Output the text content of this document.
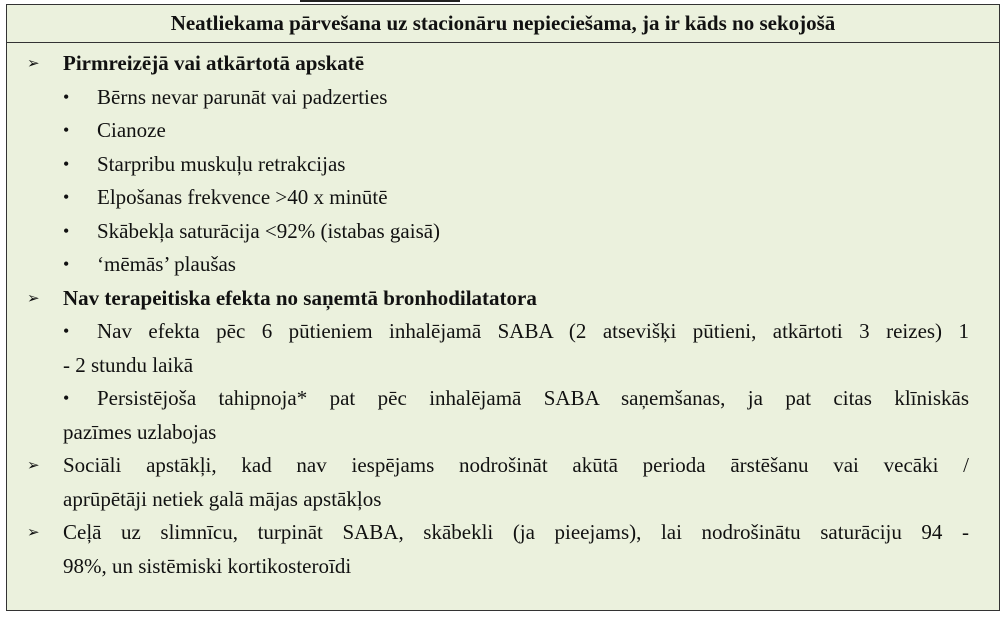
Neatliekama pārvešana uz stacionāru nepieciešama, ja ir kāds no sekojošā
➢	Pirmreizējā vai atkārtotā apskatē
•	Bērns nevar parunāt vai padzerties
•	Cianoze
•	Starpribu muskuļu retrakcijas
•	Elpošanas frekvence >40 x minūtē
•	Skābekļa saturācija <92% (istabas gaisā)
•	‘mēmās’ plaušas
➢	Nav terapeitiska efekta no saņemtā bronhodilatatora
•	Nav efekta pēc 6 pūtieniem inhalējamā SABA (2 atsevišķi pūtieni, atkārtoti 3 reizes) 1
- 2 stundu laikā
•	Persistējoša tahipnoja* pat pēc inhalējamā SABA saņemšanas, ja pat citas klīniskās
pazīmes uzlabojas
➢	Sociāli apstākļi, kad nav iespējams nodrošināt akūtā perioda ārstēšanu vai vecāki /
aprūpētāji netiek galā mājas apstākļos
➢	Ceļā uz slimnīcu, turpināt SABA, skābekli (ja pieejams), lai nodrošinātu saturāciju 94 -
98%, un sistēmiski kortikosteroīdi
